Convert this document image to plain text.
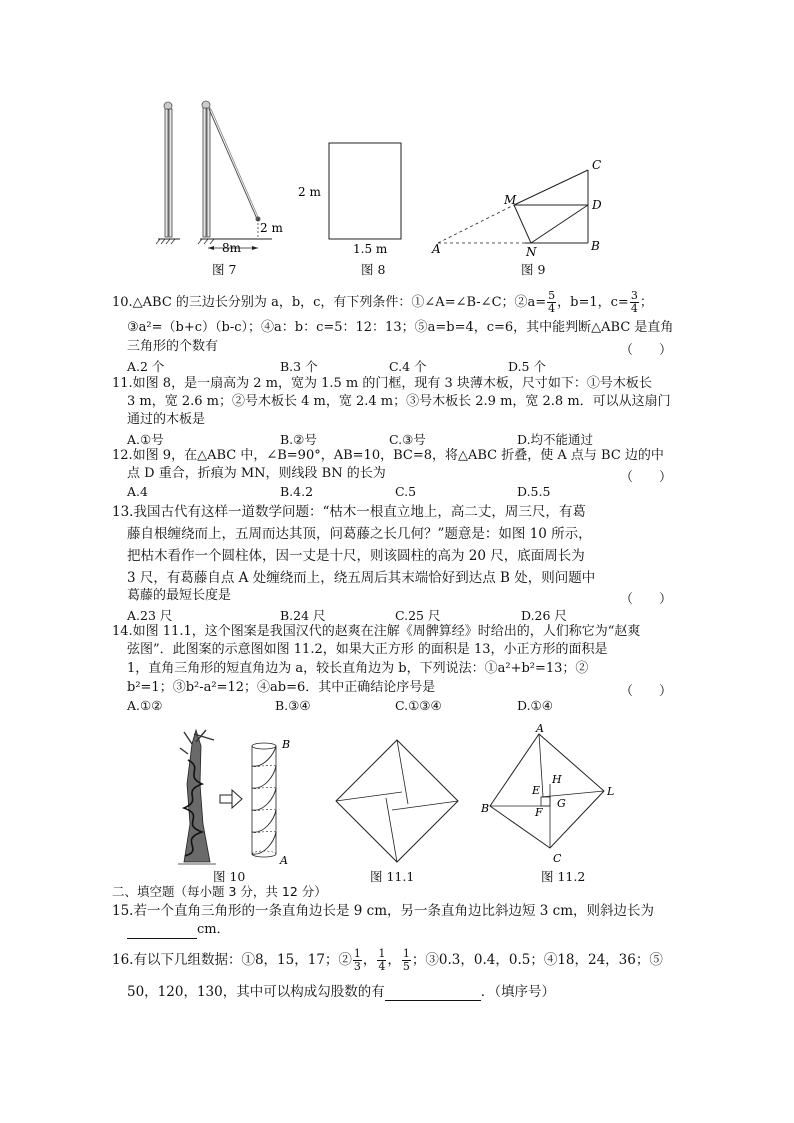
8m
2 m
2 m
1.5 m
C
M	D
A	N	B
图 7	图 8	图 9
10.△ABC 的三边长分别为 a，b，c，有下列条件：①∠A=∠B-∠C；②a= $\frac{5}{4}$ ，b=1，$c= \frac{3}{4}$ ；
③a²=（b+c）（b-c）；④a：b：c=5：12：13；⑤a=b=4，c=6，其中能判断△ABC 是直角
三角形的个数有	（　　）
A.2 个	B.3 个	C.4 个	D.5 个
11.如图 8，是一扇高为 2 m，宽为 1.5 m 的门框，现有 3 块薄木板，尺寸如下：①号木板长
3 m，宽 2.6 m；②号木板长 4 m，宽 2.4 m；③号木板长 2.9 m，宽 2.8 m．可以从这扇门
通过的木板是
A.①号	B.②号	C.③号	D.均不能通过
12.如图 9，在△ABC 中，∠B=90°，AB=10，BC=8，将△ABC 折叠，使 A 点与 BC 边的中
点 D 重合，折痕为 MN，则线段 BN 的长为	（　　）
A.4	B.4.2	C.5	D.5.5
13.我国古代有这样一道数学问题：“枯木一根直立地上，高二丈，周三尺，有葛
藤自根缠绕而上，五周而达其顶，问葛藤之长几何？”题意是：如图 10 所示，
把枯木看作一个圆柱体，因一丈是十尺，则该圆柱的高为 20 尺，底面周长为
3 尺，有葛藤自点 A 处缠绕而上，绕五周后其末端恰好到达点 B 处，则问题中
葛藤的最短长度是	（　　）
A.23 尺	B.24 尺	C.25 尺	D.26 尺
14.如图 11.1，这个图案是我国汉代的赵爽在注解《周髀算经》时给出的，人们称它为“赵爽
弦图”．此图案的示意图如图 11.2，如果大正方形 的面积是 13，小正方形的面积是
1，直角三角形的短直角边为 a，较长直角边为 b，下列说法：①a²+b²=13；②
b²=1；③b²-a²=12；④ab=6．其中正确结论序号是	（　　）
A.①②	B.③④	C.①③④	D.①④
B
A
A
B
C
L
E
H
F
G
图 10	图 11.1	图 11.2
二、填空题（每小题 3 分，共 12 分）
15.若一个直角三角形的一条直角边长是 9 cm，另一条直角边比斜边短 3 cm，则斜边长为
cm．
16.有以下几组数据：①8，15，17；② $\frac{1}{3}$ ， $\frac{1}{4}$ ， $\frac{1}{5}$ ；③0.3，0.4，0.5；④18，24，36；⑤
50，120，130，其中可以构成勾股数的有	．（填序号）
